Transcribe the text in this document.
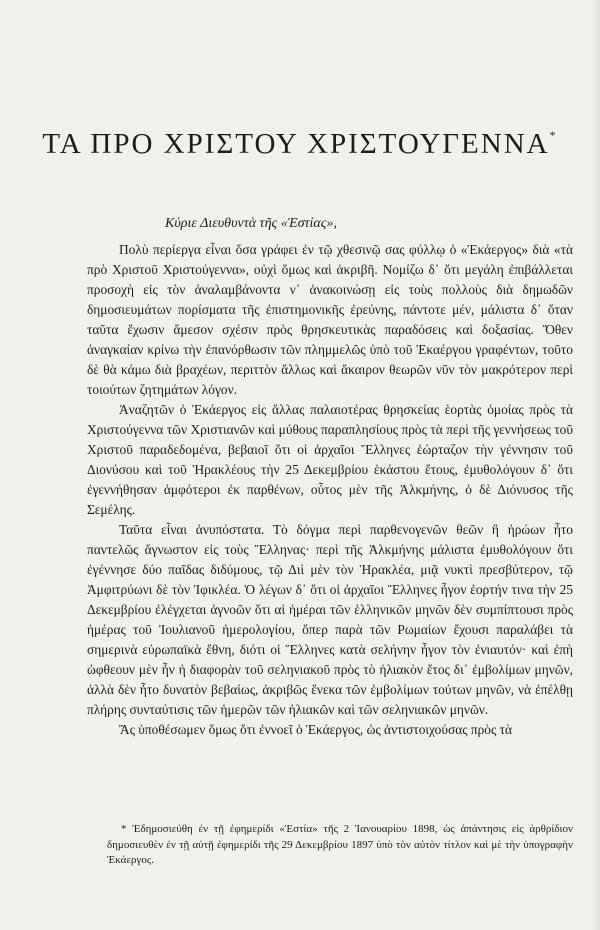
ΤΑ ΠΡΟ ΧΡΙΣΤΟΥ ΧΡΙΣΤΟΥΓΕΝΝΑ*
Κύριε Διευθυντὰ τῆς «Ἑστίας»,

Πολὺ περίεργα εἶναι ὅσα γράφει ἐν τῷ χθεσινῷ σας φύλλῳ ὁ «Ἑκάεργος» διὰ «τὰ πρὸ Χριστοῦ Χριστούγεννα», οὐχὶ ὅμως καὶ ἀκριβῆ. Νομίζω δ᾽ ὅτι μεγάλη ἐπιβάλλεται προσοχὴ εἰς τὸν ἀναλαμβάνοντα ν᾽ ἀνακοινώσῃ εἰς τοὺς πολλοὺς διὰ δημωδῶν δημοσιευμάτων πορίσματα τῆς ἐπιστημονικῆς ἐρεύνης, πάντοτε μέν, μάλιστα δ᾽ ὅταν ταῦτα ἔχωσιν ἄμεσον σχέσιν πρὸς θρησκευτικὰς παραδόσεις καὶ δοξασίας. Ὅθεν ἀναγκαίαν κρίνω τὴν ἐπανόρθωσιν τῶν πλημμελῶς ὑπὸ τοῦ Ἑκαέργου γραφέντων, τοῦτο δὲ θὰ κάμω διὰ βραχέων, περιττὸν ἄλλως καὶ ἄκαιρον θεωρῶν νῦν τὸν μακρότερον περὶ τοιούτων ζητημάτων λόγον.

Ἀναζητῶν ὁ Ἑκάεργος εἰς ἄλλας παλαιοτέρας θρησκείας ἑορτὰς ὁμοίας πρὸς τὰ Χριστούγεννα τῶν Χριστιανῶν καὶ μύθους παραπλησίους πρὸς τὰ περὶ τῆς γεννήσεως τοῦ Χριστοῦ παραδεδομένα, βεβαιοῖ ὅτι οἱ ἀρχαῖοι Ἕλληνες ἑώρταζον τὴν γέννησιν τοῦ Διονύσου καὶ τοῦ Ἡρακλέους τὴν 25 Δεκεμβρίου ἑκάστου ἔτους, ἐμυθολόγουν δ᾽ ὅτι ἐγεννήθησαν ἀμφότεροι ἐκ παρθένων, οὗτος μὲν τῆς Ἀλκμήνης, ὁ δὲ Διόνυσος τῆς Σεμέλης.

Ταῦτα εἶναι ἀνυπόστατα. Τὸ δόγμα περὶ παρθενογενῶν θεῶν ἢ ἡρώων ἦτο παντελῶς ἄγνωστον εἰς τοὺς Ἕλληνας· περὶ τῆς Ἀλκμήνης μάλιστα ἐμυθολόγουν ὅτι ἐγέννησε δύο παῖδας διδύμους, τῷ Διὶ μὲν τὸν Ἡρακλέα, μιᾷ νυκτὶ πρεσβύτερον, τῷ Ἀμφιτρύωνι δὲ τὸν Ἰφικλέα. Ὁ λέγων δ᾽ ὅτι οἱ ἀρχαῖοι Ἕλληνες ἦγον ἑορτήν τινα τὴν 25 Δεκεμβρίου ἐλέγχεται ἀγνοῶν ὅτι αἱ ἡμέραι τῶν ἑλληνικῶν μηνῶν δὲν συμπίπτουσι πρὸς ἡμέρας τοῦ Ἰουλιανοῦ ἡμερολογίου, ὅπερ παρὰ τῶν Ρωμαίων ἔχουσι παραλάβει τὰ σημερινὰ εὐρωπαϊκὰ ἔθνη, διότι οἱ Ἕλληνες κατὰ σελήνην ἦγον τὸν ἐνιαυτόν· καὶ ἐπὴ ὠφθεουν μὲν ἦν ἡ διαφορὰν τοῦ σεληνιακοῦ πρὸς τὸ ἡλιακὸν ἔτος δι᾽ ἐμβολίμων μηνῶν, ἀλλὰ δὲν ἦτο δυνατὸν βεβαίως, ἀκριβῶς ἕνεκα τῶν ἐμβολίμων τούτων μηνῶν, νὰ ἐπέλθῃ πλήρης συνταύτισις τῶν ἡμερῶν τῶν ἡλιακῶν καὶ τῶν σεληνιακῶν μηνῶν.

Ἂς ὑποθέσωμεν ὅμως ὅτι ἐννοεῖ ὁ Ἑκάεργος, ὡς ἀντιστοιχούσας πρὸς τὰ

* Ἐδημοσιεύθη ἐν τῇ ἐφημερίδι «Ἑστία» τῆς 2 Ἰανουαρίου 1898, ὡς ἀπάντησις εἰς ἀρθρίδιον δημοσιευθὲν ἐν τῇ αὐτῇ ἐφημερίδι τῆς 29 Δεκεμβρίου 1897 ὑπὸ τὸν αὐτὸν τίτλον καὶ μὲ τὴν ὑπογραφὴν Ἑκάεργος.
